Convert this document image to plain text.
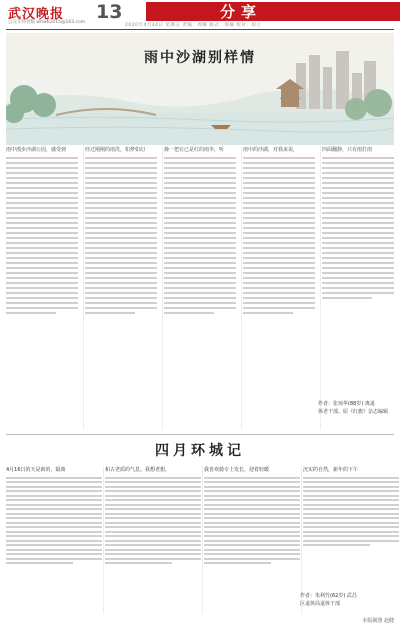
武汉晚报 13
公交车特刊版 whwb2015@163.com
2020年4月24日 星期五 责编：周姗 版式：谭楠 校对：胡立
分享
雨中沙湖别样情
雨中漫步沙湖公园，感受到	经过刚刚的雨洗，如梦如幻	操一把在已是红的雨伞，听	雨中的沙湖，对我来说，	四面翻静，只有雨打雨
作者：张琼华(88岁) 离退
休老干部、原《红旗》杂志编辑
四月环城记
4月16日的天是新的，隔离	和古老质的气息。我想老想，	我喜欢骑专上发长，迎着轻暖	沉实的自然，新年的下午
作者：朱利竹(62岁) 武昌
区退休局退休干部
本版制图 赵健
